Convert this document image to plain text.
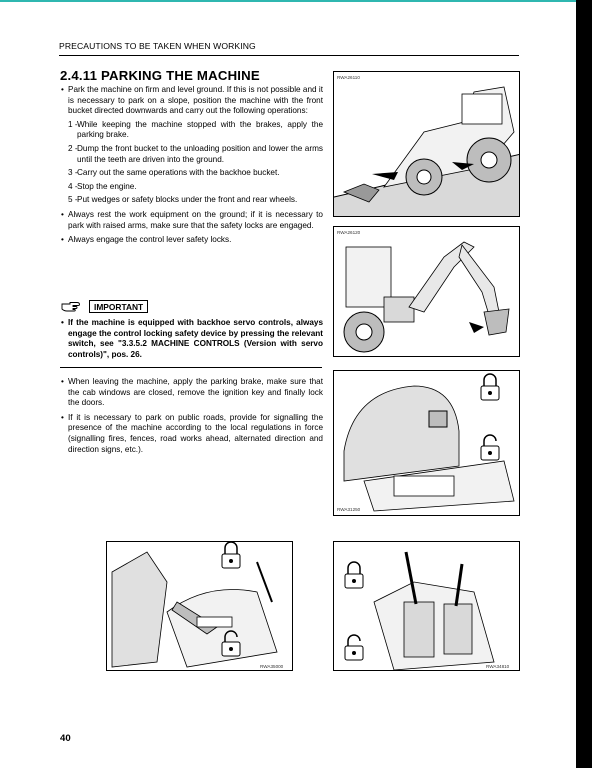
PRECAUTIONS TO BE TAKEN WHEN WORKING
2.4.11 PARKING THE MACHINE
• Park the machine on firm and level ground. If this is not possible and it is necessary to park on a slope, position the machine with the front bucket directed downwards and carry out the following operations:
1 - While keeping the machine stopped with the brakes, apply the parking brake.
2 - Dump the front bucket to the unloading position and lower the arms until the teeth are driven into the ground.
3 - Carry out the same operations with the backhoe bucket.
4 - Stop the engine.
5 - Put wedges or safety blocks under the front and rear wheels.
• Always rest the work equipment on the ground; if it is necessary to park with raised arms, make sure that the safety locks are engaged.
• Always engage the control lever safety locks.
IMPORTANT
• If the machine is equipped with backhoe servo controls, always engage the control locking safety device by pressing the relevant switch, see "3.3.5.2 MACHINE CONTROLS (Version with servo controls)", pos. 26.
• When leaving the machine, apply the parking brake, make sure that the cab windows are closed, remove the ignition key and finally lock the doors.
• If it is necessary to park on public roads, provide for signalling the presence of the machine according to the local regulations in force (signalling fires, fences, road works ahead, alternated direction and direction signs, etc.).
RWA26110
RWA26120
RWA31250
RWA35000	RWA34810
40
